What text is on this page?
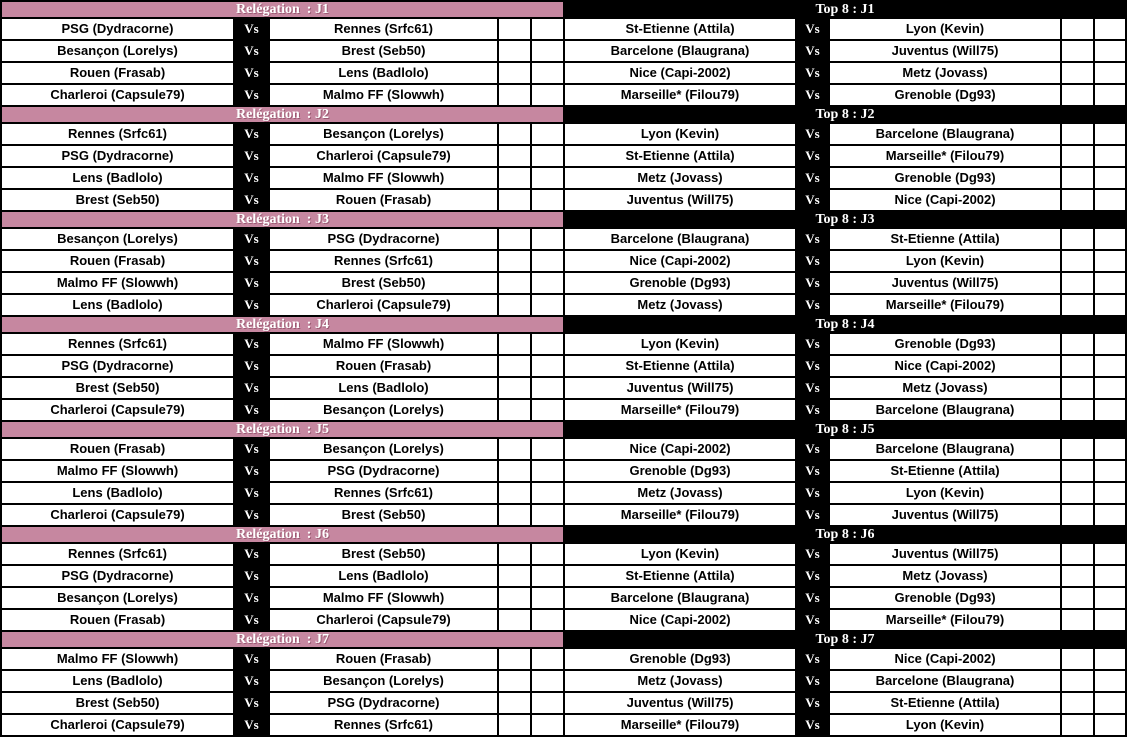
Relégation  : J1					Top 8 : J1				
PSG (Dydracorne)	Vs	Rennes (Srfc61)			St-Etienne (Attila)	Vs	Lyon (Kevin)		
Besançon (Lorelys)	Vs	Brest (Seb50)			Barcelone (Blaugrana)	Vs	Juventus (Will75)		
Rouen (Frasab)	Vs	Lens (Badlolo)			Nice (Capi-2002)	Vs	Metz (Jovass)		
Charleroi (Capsule79)	Vs	Malmo FF (Slowwh)			Marseille* (Filou79)	Vs	Grenoble (Dg93)		
Relégation  : J2					Top 8 : J2				
Rennes (Srfc61)	Vs	Besançon (Lorelys)			Lyon (Kevin)	Vs	Barcelone (Blaugrana)		
PSG (Dydracorne)	Vs	Charleroi (Capsule79)			St-Etienne (Attila)	Vs	Marseille* (Filou79)		
Lens (Badlolo)	Vs	Malmo FF (Slowwh)			Metz (Jovass)	Vs	Grenoble (Dg93)		
Brest (Seb50)	Vs	Rouen (Frasab)			Juventus (Will75)	Vs	Nice (Capi-2002)		
Relégation  : J3					Top 8 : J3				
Besançon (Lorelys)	Vs	PSG (Dydracorne)			Barcelone (Blaugrana)	Vs	St-Etienne (Attila)		
Rouen (Frasab)	Vs	Rennes (Srfc61)			Nice (Capi-2002)	Vs	Lyon (Kevin)		
Malmo FF (Slowwh)	Vs	Brest (Seb50)			Grenoble (Dg93)	Vs	Juventus (Will75)		
Lens (Badlolo)	Vs	Charleroi (Capsule79)			Metz (Jovass)	Vs	Marseille* (Filou79)		
Relégation  : J4					Top 8 : J4				
Rennes (Srfc61)	Vs	Malmo FF (Slowwh)			Lyon (Kevin)	Vs	Grenoble (Dg93)		
PSG (Dydracorne)	Vs	Rouen (Frasab)			St-Etienne (Attila)	Vs	Nice (Capi-2002)		
Brest (Seb50)	Vs	Lens (Badlolo)			Juventus (Will75)	Vs	Metz (Jovass)		
Charleroi (Capsule79)	Vs	Besançon (Lorelys)			Marseille* (Filou79)	Vs	Barcelone (Blaugrana)		
Relégation  : J5					Top 8 : J5				
Rouen (Frasab)	Vs	Besançon (Lorelys)			Nice (Capi-2002)	Vs	Barcelone (Blaugrana)		
Malmo FF (Slowwh)	Vs	PSG (Dydracorne)			Grenoble (Dg93)	Vs	St-Etienne (Attila)		
Lens (Badlolo)	Vs	Rennes (Srfc61)			Metz (Jovass)	Vs	Lyon (Kevin)		
Charleroi (Capsule79)	Vs	Brest (Seb50)			Marseille* (Filou79)	Vs	Juventus (Will75)		
Relégation  : J6					Top 8 : J6				
Rennes (Srfc61)	Vs	Brest (Seb50)			Lyon (Kevin)	Vs	Juventus (Will75)		
PSG (Dydracorne)	Vs	Lens (Badlolo)			St-Etienne (Attila)	Vs	Metz (Jovass)		
Besançon (Lorelys)	Vs	Malmo FF (Slowwh)			Barcelone (Blaugrana)	Vs	Grenoble (Dg93)		
Rouen (Frasab)	Vs	Charleroi (Capsule79)			Nice (Capi-2002)	Vs	Marseille* (Filou79)		
Relégation  : J7					Top 8 : J7				
Malmo FF (Slowwh)	Vs	Rouen (Frasab)			Grenoble (Dg93)	Vs	Nice (Capi-2002)		
Lens (Badlolo)	Vs	Besançon (Lorelys)			Metz (Jovass)	Vs	Barcelone (Blaugrana)		
Brest (Seb50)	Vs	PSG (Dydracorne)			Juventus (Will75)	Vs	St-Etienne (Attila)		
Charleroi (Capsule79)	Vs	Rennes (Srfc61)			Marseille* (Filou79)	Vs	Lyon (Kevin)		
